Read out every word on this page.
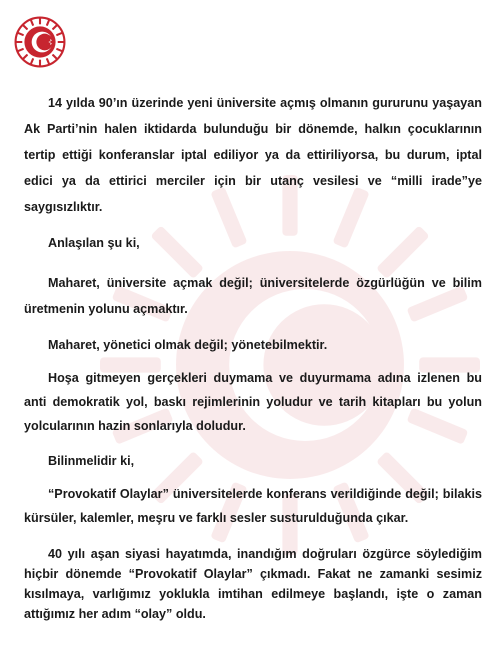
14 yılda 90’ın üzerinde yeni üniversite açmış olmanın gururunu yaşayan Ak Parti’nin halen iktidarda bulunduğu bir dönemde, halkın çocuklarının tertip ettiği konferanslar iptal ediliyor ya da ettiriliyorsa, bu durum, iptal edici ya da ettirici merciler için bir utanç vesilesi ve “milli irade”ye saygısızlıktır.

Anlaşılan şu ki,

Maharet, üniversite açmak değil; üniversitelerde özgürlüğün ve bilim üretmenin yolunu açmaktır.

Maharet, yönetici olmak değil; yönetebilmektir.

Hoşa gitmeyen gerçekleri duymama ve duyurmama adına izlenen bu anti demokratik yol, baskı rejimlerinin yoludur ve tarih kitapları bu yolun yolcularının hazin sonlarıyla doludur.

Bilinmelidir ki,

“Provokatif Olaylar” üniversitelerde konferans verildiğinde değil; bilakis kürsüler, kalemler, meşru ve farklı sesler susturulduğunda çıkar.

40 yılı aşan siyasi hayatımda, inandığım doğruları özgürce söylediğim hiçbir dönemde “Provokatif Olaylar” çıkmadı. Fakat ne zamanki sesimiz kısılmaya, varlığımız yoklukla imtihan edilmeye başlandı, işte o zaman attığımız her adım “olay” oldu.
